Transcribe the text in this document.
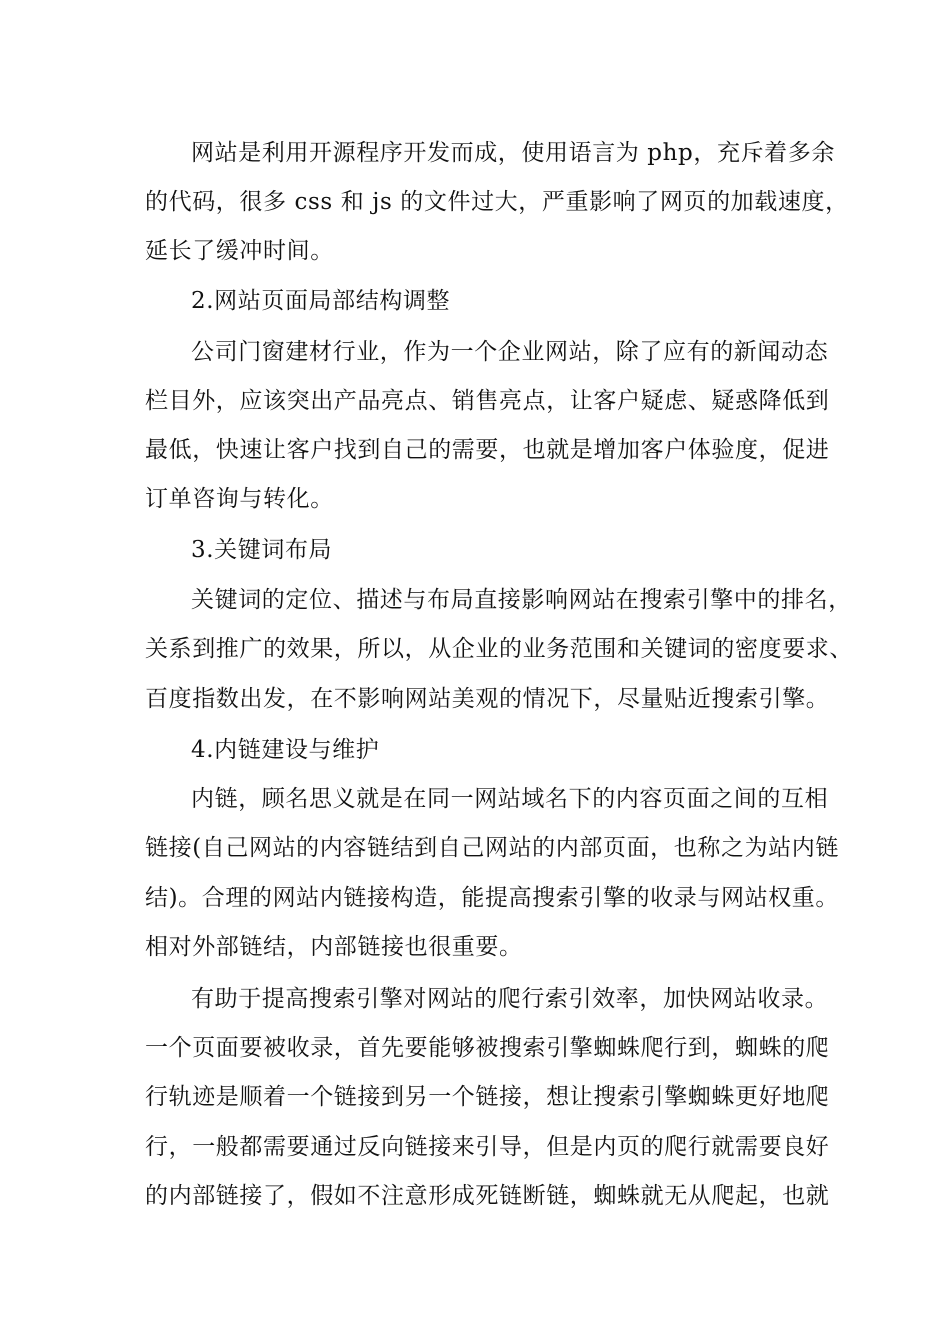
网站是利用开源程序开发而成，使用语言为 php，充斥着多余
的代码，很多 css 和 js 的文件过大，严重影响了网页的加载速度，
延长了缓冲时间。
2.网站页面局部结构调整
公司门窗建材行业，作为一个企业网站，除了应有的新闻动态
栏目外，应该突出产品亮点、销售亮点，让客户疑虑、疑惑降低到
最低，快速让客户找到自己的需要，也就是增加客户体验度，促进
订单咨询与转化。
3.关键词布局
关键词的定位、描述与布局直接影响网站在搜索引擎中的排名，
关系到推广的效果，所以，从企业的业务范围和关键词的密度要求、
百度指数出发，在不影响网站美观的情况下，尽量贴近搜索引擎。
4.内链建设与维护
内链，顾名思义就是在同一网站域名下的内容页面之间的互相
链接(自己网站的内容链结到自己网站的内部页面，也称之为站内链
结)。合理的网站内链接构造，能提高搜索引擎的收录与网站权重。
相对外部链结，内部链接也很重要。
有助于提高搜索引擎对网站的爬行索引效率，加快网站收录。
一个页面要被收录，首先要能够被搜索引擎蜘蛛爬行到，蜘蛛的爬
行轨迹是顺着一个链接到另一个链接，想让搜索引擎蜘蛛更好地爬
行，一般都需要通过反向链接来引导，但是内页的爬行就需要良好
的内部链接了，假如不注意形成死链断链，蜘蛛就无从爬起，也就
